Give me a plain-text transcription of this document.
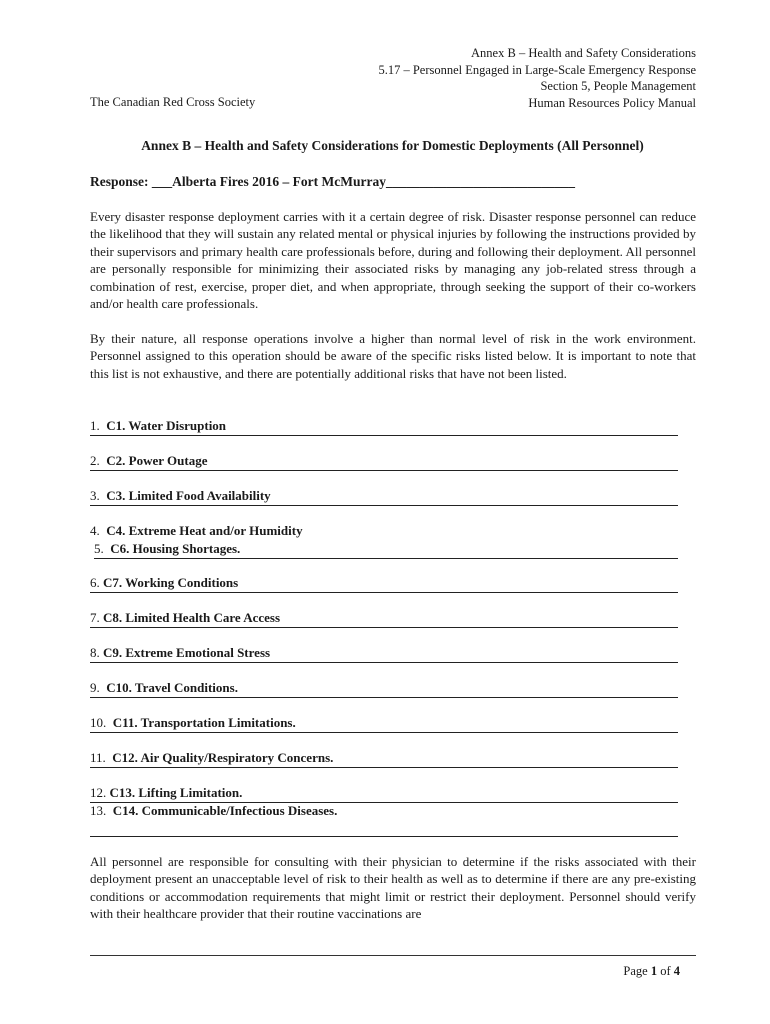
Annex B – Health and Safety Considerations
5.17 – Personnel Engaged in Large-Scale Emergency Response
Section 5, People Management
Human Resources Policy Manual
The Canadian Red Cross Society
Annex B – Health and Safety Considerations for Domestic Deployments (All Personnel)
Response: ___Alberta Fires 2016 – Fort McMurray____________________________
Every disaster response deployment carries with it a certain degree of risk. Disaster response personnel can reduce the likelihood that they will sustain any related mental or physical injuries by following the instructions provided by their supervisors and primary health care professionals before, during and following their deployment. All personnel are personally responsible for minimizing their associated risks by managing any job-related stress through a combination of rest, exercise, proper diet, and when appropriate, through seeking the support of their co-workers and/or health care professionals.
By their nature, all response operations involve a higher than normal level of risk in the work environment. Personnel assigned to this operation should be aware of the specific risks listed below. It is important to note that this list is not exhaustive, and there are potentially additional risks that have not been listed.
1. C1. Water Disruption
2. C2. Power Outage
3. C3. Limited Food Availability
4. C4. Extreme Heat and/or Humidity
5. C6. Housing Shortages.
6. C7. Working Conditions
7. C8. Limited Health Care Access
8. C9. Extreme Emotional Stress
9. C10. Travel Conditions.
10. C11. Transportation Limitations.
11. C12. Air Quality/Respiratory Concerns.
12. C13. Lifting Limitation.
13. C14. Communicable/Infectious Diseases.
All personnel are responsible for consulting with their physician to determine if the risks associated with their deployment present an unacceptable level of risk to their health as well as to determine if there are any pre-existing conditions or accommodation requirements that might limit or restrict their deployment. Personnel should verify with their healthcare provider that their routine vaccinations are
Page 1 of 4
